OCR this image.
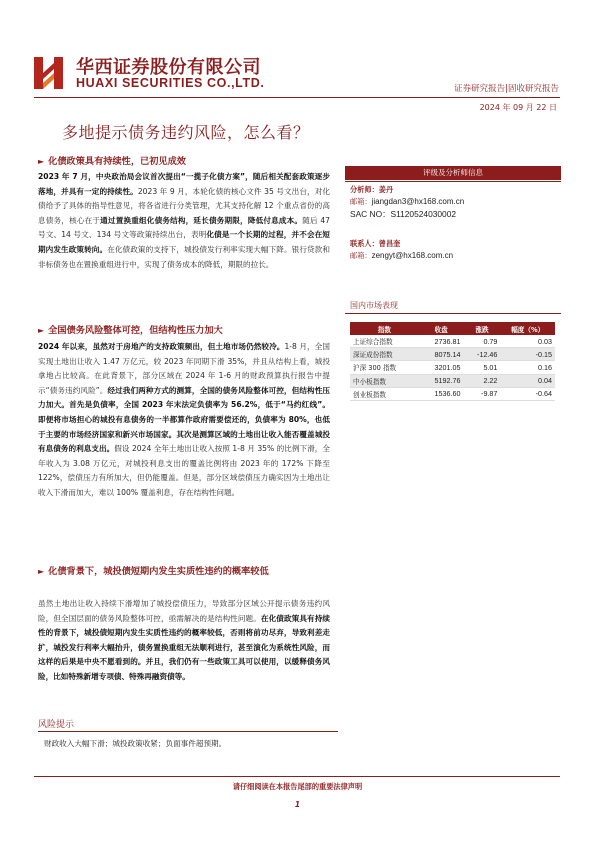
华西证券股份有限公司
HUAXI SECURITIES CO.,LTD.	证券研究报告|固收研究报告
2024 年 09 月 22 日
多地提示债务违约风险，怎么看？
► 化债政策具有持续性，已初见成效
2023 年 7 月，中央政治局会议首次提出“一揽子化债方案”，随后相关配套政策逐步落地，并具有一定的持续性。2023 年 9 月，本轮化债的核心文件 35 号文出台，对化债给予了具体的指导性意见，将各省进行分类管理，尤其支持化解 12 个重点省份的高息债务，核心在于通过置换重组化债务结构，延长债务期限，降低付息成本。随后 47 号文、14 号文、134 号文等政策持续出台，表明化债是一个长期的过程，并不会在短期内发生政策转向。在化债政策的支持下，城投债发行利率实现大幅下降。银行贷款和非标债务也在置换重组进行中，实现了债务成本的降低，期限的拉长。
► 全国债务风险整体可控，但结构性压力加大
2024 年以来，虽然对于房地产的支持政策频出，但土地市场仍然较冷。1-8 月，全国实现土地出让收入 1.47 万亿元，较 2023 年同期下滑 35%，并且从结构上看，城投拿地占比较高。在此背景下，部分区域在 2024 年 1-6 月的财政预算执行报告中提示“债务违约风险”。经过我们两种方式的测算，全国的债务风险整体可控，但结构性压力加大。首先是负债率，全国 2023 年末法定负债率为 56.2%，低于“马约红线”。即便将市场担心的城投有息债务的一半都算作政府需要偿还的，负债率为 80%，也低于主要的市场经济国家和新兴市场国家。其次是测算区域的土地出让收入能否覆盖城投有息债务的利息支出。假设 2024 全年土地出让收入按照 1-8 月 35% 的比例下滑，全年收入为 3.08 万亿元，对城投利息支出的覆盖比例将由 2023 年的 172% 下降至 122%，偿债压力有所加大，但仍能覆盖。但是，部分区域偿债压力确实因为土地出让收入下滑而加大，难以 100% 覆盖利息，存在结构性问题。
► 化债背景下，城投债短期内发生实质性违约的概率较低
虽然土地出让收入持续下滑增加了城投偿债压力，导致部分区域公开提示债务违约风险，但全国层面的债务风险整体可控，亟需解决的是结构性问题。在化债政策具有持续性的背景下，城投债短期内发生实质性违约的概率较低，否则将前功尽弃，导致利差走扩，城投发行利率大幅抬升，债务置换重组无法顺利进行，甚至演化为系统性风险，而这样的后果是中央不愿看到的。并且，我们仍有一些政策工具可以使用，以缓释债务风险，比如特殊新增专项债、特殊再融资债等。
评级及分析师信息
分析师：姜丹
邮箱：jiangdan3@hx168.com.cn
SAC NO：S1120524030002
联系人：曾昌奎
邮箱：zengyt@hx168.com.cn
国内市场表现
指数	收盘	涨跌	幅度（%）
上证综合指数	2736.81	0.79	0.03
深证成份指数	8075.14	-12.46	-0.15
沪深 300 指数	3201.05	5.01	0.16
中小板指数	5192.76	2.22	0.04
创业板指数	1536.60	-9.87	-0.64
风险提示
财政收入大幅下滑；城投政策收紧；负面事件超预期。
请仔细阅读在本报告尾部的重要法律声明
1
